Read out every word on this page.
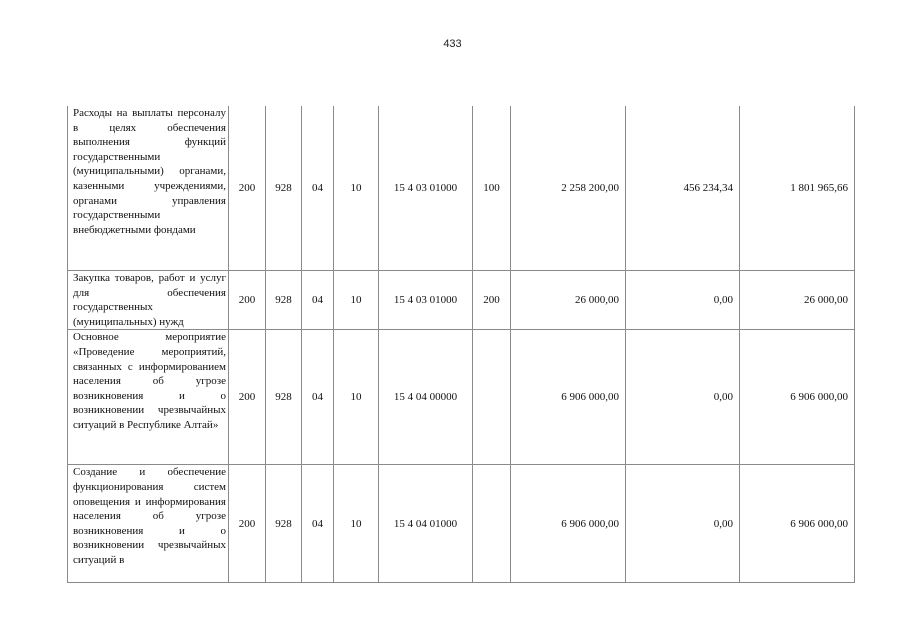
433
Расходы на выплаты персоналу в целях обеспечения выполнения функций государственными (муниципальными) органами, казенными учреждениями, органами управления государственными внебюджетными фондами	200	928	04	10	15 4 03 01000	100	2 258 200,00	456 234,34	1 801 965,66
Закупка товаров, работ и услуг для обеспечения государственных (муниципальных) нужд	200	928	04	10	15 4 03 01000	200	26 000,00	0,00	26 000,00
Основное мероприятие «Проведение мероприятий, связанных с информированием населения об угрозе возникновения и о возникновении чрезвычайных ситуаций в Республике Алтай»	200	928	04	10	15 4 04 00000		6 906 000,00	0,00	6 906 000,00
Создание и обеспечение функционирования систем оповещения и информирования населения об угрозе возникновения и о возникновении чрезвычайных ситуаций в	200	928	04	10	15 4 04 01000		6 906 000,00	0,00	6 906 000,00
